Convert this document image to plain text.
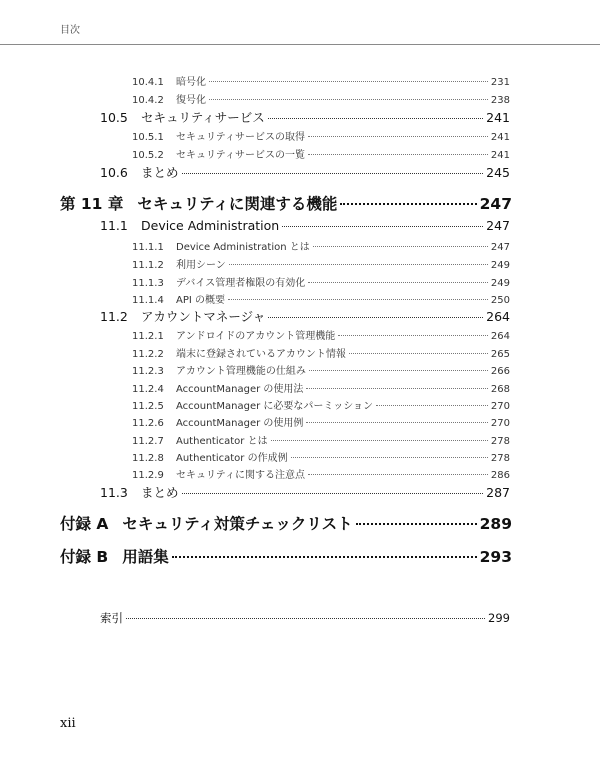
目次
10.4.1	暗号化	231
10.4.2	復号化	238
10.5	セキュリティサービス	241
10.5.1	セキュリティサービスの取得	241
10.5.2	セキュリティサービスの一覧	241
10.6	まとめ	245
第 11 章 セキュリティに関連する機能	247
11.1	Device Administration	247
11.1.1	Device Administration とは	247
11.1.2	利用シーン	249
11.1.3	デバイス管理者権限の有効化	249
11.1.4	API の概要	250
11.2	アカウントマネージャ	264
11.2.1	アンドロイドのアカウント管理機能	264
11.2.2	端末に登録されているアカウント情報	265
11.2.3	アカウント管理機能の仕組み	266
11.2.4	AccountManager の使用法	268
11.2.5	AccountManager に必要なパーミッション	270
11.2.6	AccountManager の使用例	270
11.2.7	Authenticator とは	278
11.2.8	Authenticator の作成例	278
11.2.9	セキュリティに関する注意点	286
11.3	まとめ	287
付録 A セキュリティ対策チェックリスト	289
付録 B 用語集	293
索引	299
xii
